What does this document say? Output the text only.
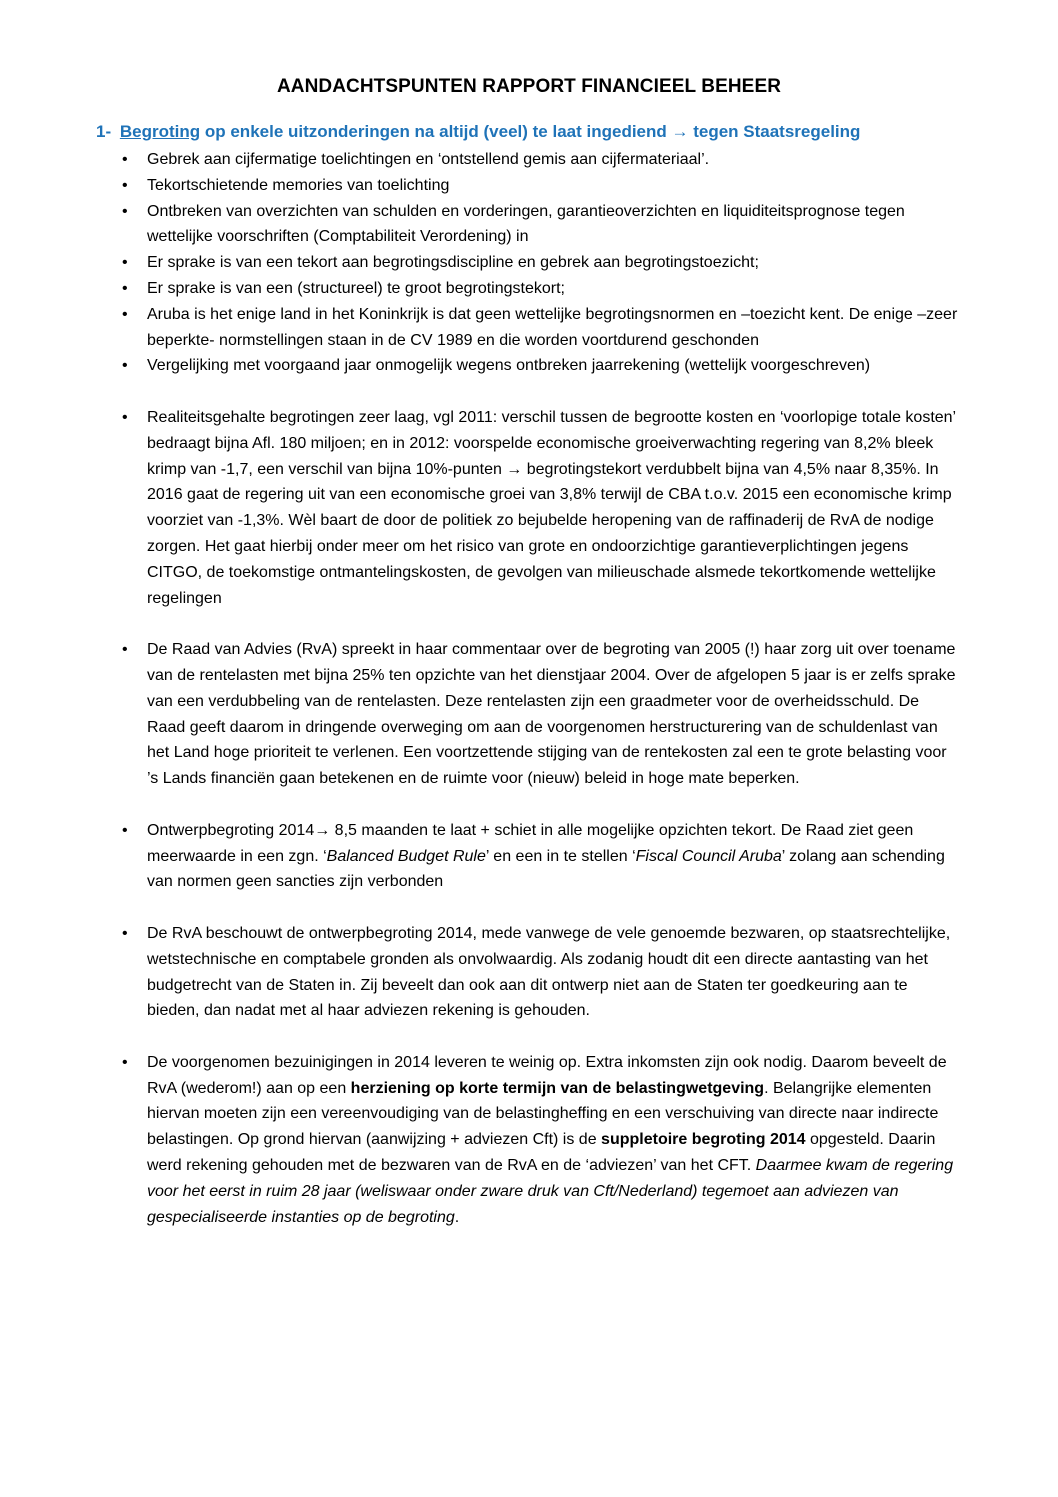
AANDACHTSPUNTEN RAPPORT FINANCIEEL BEHEER
1- Begroting op enkele uitzonderingen na altijd (veel) te laat ingediend → tegen Staatsregeling
• Gebrek aan cijfermatige toelichtingen en ‘ontstellend gemis aan cijfermateriaal’.
• Tekortschietende memories van toelichting
• Ontbreken van overzichten van schulden en vorderingen, garantieoverzichten en liquiditeitsprognose tegen wettelijke voorschriften (Comptabiliteit Verordening) in
• Er sprake is van een tekort aan begrotingsdiscipline en gebrek aan begrotingstoezicht;
• Er sprake is van een (structureel) te groot begrotingstekort;
• Aruba is het enige land in het Koninkrijk is dat geen wettelijke begrotingsnormen en –toezicht kent. De enige –zeer beperkte- normstellingen staan in de CV 1989 en die worden voortdurend geschonden
• Vergelijking met voorgaand jaar onmogelijk wegens ontbreken jaarrekening (wettelijk voorgeschreven)
• Realiteitsgehalte begrotingen zeer laag, vgl 2011: verschil tussen de begrootte kosten en ‘voorlopige totale kosten’ bedraagt bijna Afl. 180 miljoen; en in 2012: voorspelde economische groeiverwachting regering van 8,2% bleek krimp van -1,7, een verschil van bijna 10%-punten → begrotingstekort verdubbelt bijna van 4,5% naar 8,35%. In 2016 gaat de regering uit van een economische groei van 3,8% terwijl de CBA t.o.v. 2015 een economische krimp voorziet van -1,3%. Wèl baart de door de politiek zo bejubelde heropening van de raffinaderij de RvA de nodige zorgen. Het gaat hierbij onder meer om het risico van grote en ondoorzichtige garantieverplichtingen jegens CITGO, de toekomstige ontmantelingskosten, de gevolgen van milieuschade alsmede tekortkomende wettelijke regelingen
• De Raad van Advies (RvA) spreekt in haar commentaar over de begroting van 2005 (!) haar zorg uit over toename van de rentelasten met bijna 25% ten opzichte van het dienstjaar 2004. Over de afgelopen 5 jaar is er zelfs sprake van een verdubbeling van de rentelasten. Deze rentelasten zijn een graadmeter voor de overheidsschuld. De Raad geeft daarom in dringende overweging om aan de voorgenomen herstructurering van de schuldenlast van het Land hoge prioriteit te verlenen. Een voortzettende stijging van de rentekosten zal een te grote belasting voor ’s Lands financiën gaan betekenen en de ruimte voor (nieuw) beleid in hoge mate beperken.
• Ontwerpbegroting 2014→ 8,5 maanden te laat + schiet in alle mogelijke opzichten tekort. De Raad ziet geen meerwaarde in een zgn. ‘Balanced Budget Rule’ en een in te stellen ‘Fiscal Council Aruba’ zolang aan schending van normen geen sancties zijn verbonden
• De RvA beschouwt de ontwerpbegroting 2014, mede vanwege de vele genoemde bezwaren, op staatsrechtelijke, wetstechnische en comptabele gronden als onvolwaardig. Als zodanig houdt dit een directe aantasting van het budgetrecht van de Staten in. Zij beveelt dan ook aan dit ontwerp niet aan de Staten ter goedkeuring aan te bieden, dan nadat met al haar adviezen rekening is gehouden.
• De voorgenomen bezuinigingen in 2014 leveren te weinig op. Extra inkomsten zijn ook nodig. Daarom beveelt de RvA (wederom!) aan op een herziening op korte termijn van de belastingwetgeving. Belangrijke elementen hiervan moeten zijn een vereenvoudiging van de belastingheffing en een verschuiving van directe naar indirecte belastingen. Op grond hiervan (aanwijzing + adviezen Cft) is de suppletoire begroting 2014 opgesteld. Daarin werd rekening gehouden met de bezwaren van de RvA en de ‘adviezen’ van het CFT. Daarmee kwam de regering voor het eerst in ruim 28 jaar (weliswaar onder zware druk van Cft/Nederland) tegemoet aan adviezen van gespecialiseerde instanties op de begroting.
